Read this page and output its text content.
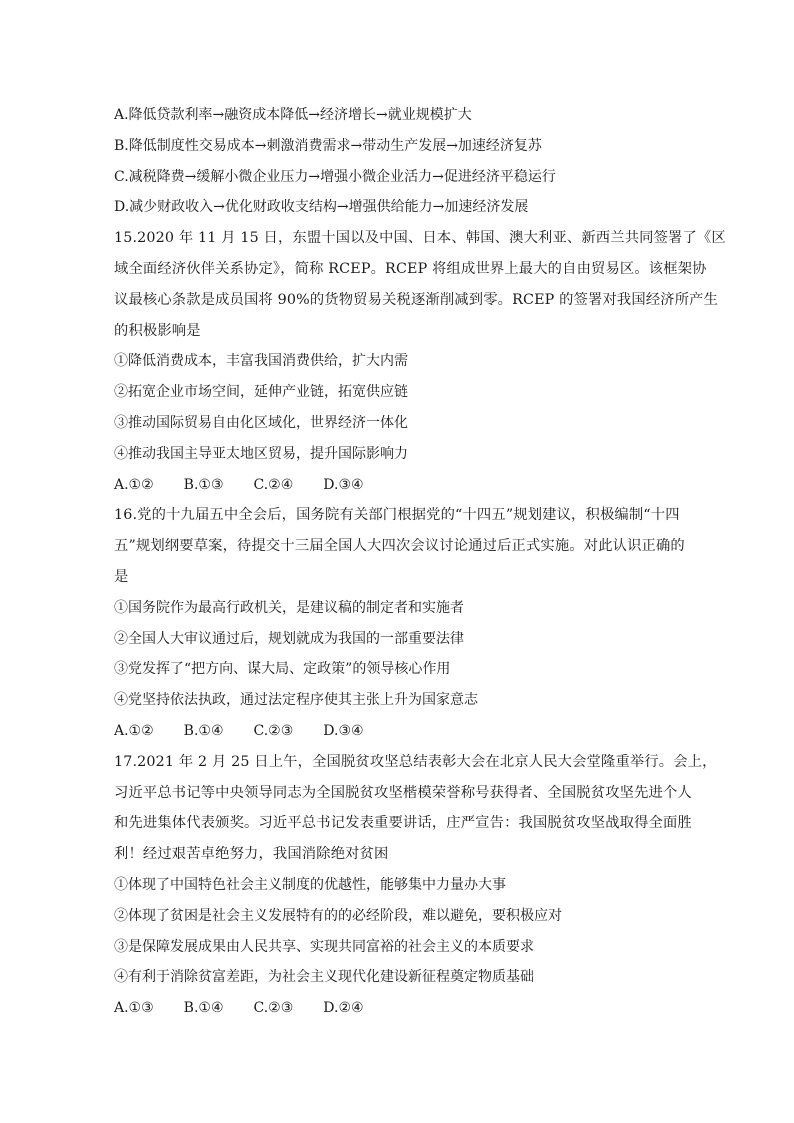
A.降低贷款利率→融资成本降低→经济增长→就业规模扩大
B.降低制度性交易成本→刺激消费需求→带动生产发展→加速经济复苏
C.减税降费→缓解小微企业压力→增强小微企业活力→促进经济平稳运行
D.减少财政收入→优化财政收支结构→增强供给能力→加速经济发展
15.2020 年 11 月 15 日，东盟十国以及中国、日本、韩国、澳大利亚、新西兰共同签署了《区
域全面经济伙伴关系协定》，简称 RCEP。RCEP 将组成世界上最大的自由贸易区。该框架协
议最核心条款是成员国将 90%的货物贸易关税逐渐削减到零。RCEP 的签署对我国经济所产生
的积极影响是
①降低消费成本，丰富我国消费供给，扩大内需
②拓宽企业市场空间，延伸产业链，拓宽供应链
③推动国际贸易自由化区域化，世界经济一体化
④推动我国主导亚太地区贸易，提升国际影响力
A.①② B.①③ C.②④ D.③④
16.党的十九届五中全会后，国务院有关部门根据党的“十四五”规划建议，积极编制“十四
五”规划纲要草案，待提交十三届全国人大四次会议讨论通过后正式实施。对此认识正确的
是
①国务院作为最高行政机关，是建议稿的制定者和实施者
②全国人大审议通过后，规划就成为我国的一部重要法律
③党发挥了“把方向、谋大局、定政策”的领导核心作用
④党坚持依法执政，通过法定程序使其主张上升为国家意志
A.①② B.①④ C.②③ D.③④
17.2021 年 2 月 25 日上午，全国脱贫攻坚总结表彰大会在北京人民大会堂隆重举行。会上，
习近平总书记等中央领导同志为全国脱贫攻坚楷模荣誉称号获得者、全国脱贫攻坚先进个人
和先进集体代表颁奖。习近平总书记发表重要讲话，庄严宣告：我国脱贫攻坚战取得全面胜
利！经过艰苦卓绝努力，我国消除绝对贫困
①体现了中国特色社会主义制度的优越性，能够集中力量办大事
②体现了贫困是社会主义发展特有的的必经阶段，难以避免，要积极应对
③是保障发展成果由人民共享、实现共同富裕的社会主义的本质要求
④有利于消除贫富差距，为社会主义现代化建设新征程奠定物质基础
A.①③ B.①④ C.②③ D.②④
